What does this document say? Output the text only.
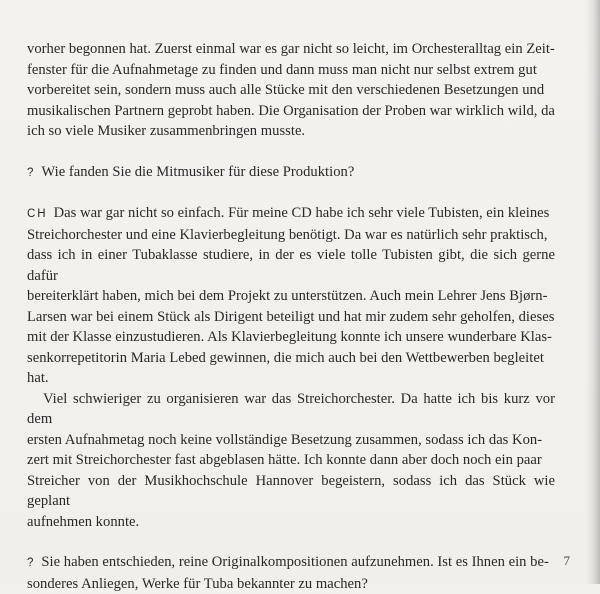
vorher begonnen hat. Zuerst einmal war es gar nicht so leicht, im Orchesteralltag ein Zeit-
fenster für die Aufnahmetage zu finden und dann muss man nicht nur selbst extrem gut
vorbereitet sein, sondern muss auch alle Stücke mit den verschiedenen Besetzungen und
musikalischen Partnern geprobt haben. Die Organisation der Proben war wirklich wild, da
ich so viele Musiker zusammenbringen musste.

? Wie fanden Sie die Mitmusiker für diese Produktion?

CH Das war gar nicht so einfach. Für meine CD habe ich sehr viele Tubisten, ein kleines
Streichorchester und eine Klavierbegleitung benötigt. Da war es natürlich sehr praktisch,
dass ich in einer Tubaklasse studiere, in der es viele tolle Tubisten gibt, die sich gerne dafür
bereiterklärt haben, mich bei dem Projekt zu unterstützen. Auch mein Lehrer Jens Bjørn-
Larsen war bei einem Stück als Dirigent beteiligt und hat mir zudem sehr geholfen, dieses
mit der Klasse einzustudieren. Als Klavierbegleitung konnte ich unsere wunderbare Klas-
senkorrepetitorin Maria Lebed gewinnen, die mich auch bei den Wettbewerben begleitet
hat.

Viel schwieriger zu organisieren war das Streichorchester. Da hatte ich bis kurz vor dem
ersten Aufnahmetag noch keine vollständige Besetzung zusammen, sodass ich das Kon-
zert mit Streichorchester fast abgeblasen hätte. Ich konnte dann aber doch noch ein paar
Streicher von der Musikhochschule Hannover begeistern, sodass ich das Stück wie geplant
aufnehmen konnte.

? Sie haben entschieden, reine Originalkompositionen aufzunehmen. Ist es Ihnen ein be-
sonderes Anliegen, Werke für Tuba bekannter zu machen?

7
